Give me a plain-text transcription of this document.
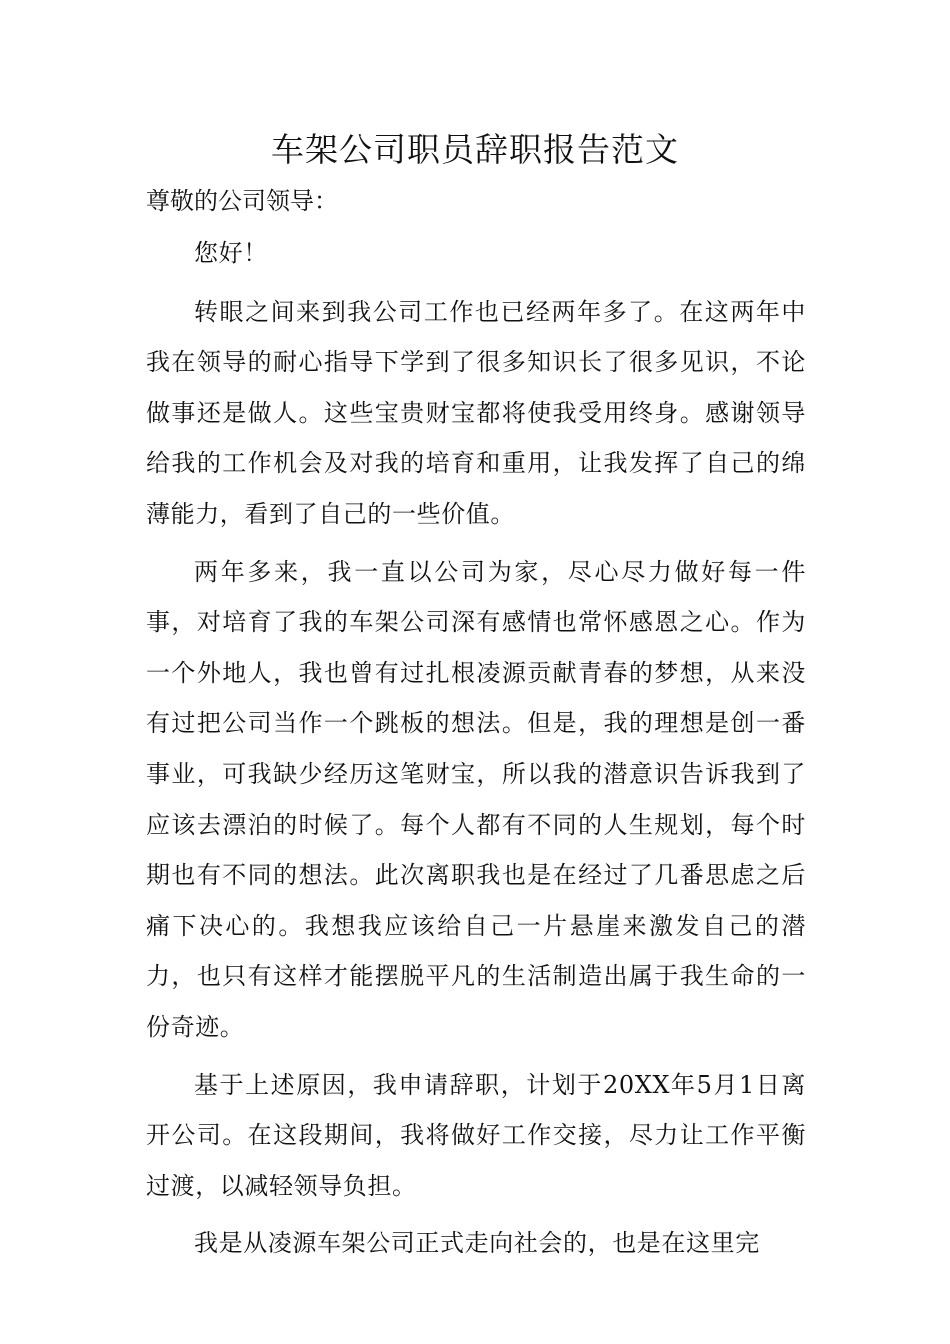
车架公司职员辞职报告范文

尊敬的公司领导：

您好！

转眼之间来到我公司工作也已经两年多了。在这两年中我在领导的耐心指导下学到了很多知识长了很多见识，不论做事还是做人。这些宝贵财宝都将使我受用终身。感谢领导给我的工作机会及对我的培育和重用，让我发挥了自己的绵薄能力，看到了自己的一些价值。

两年多来，我一直以公司为家，尽心尽力做好每一件事，对培育了我的车架公司深有感情也常怀感恩之心。作为一个外地人，我也曾有过扎根凌源贡献青春的梦想，从来没有过把公司当作一个跳板的想法。但是，我的理想是创一番事业，可我缺少经历这笔财宝，所以我的潜意识告诉我到了应该去漂泊的时候了。每个人都有不同的人生规划，每个时期也有不同的想法。此次离职我也是在经过了几番思虑之后痛下决心的。我想我应该给自己一片悬崖来激发自己的潜力，也只有这样才能摆脱平凡的生活制造出属于我生命的一份奇迹。

基于上述原因，我申请辞职，计划于20XX年5月1日离开公司。在这段期间，我将做好工作交接，尽力让工作平衡过渡，以减轻领导负担。

我是从凌源车架公司正式走向社会的，也是在这里完
